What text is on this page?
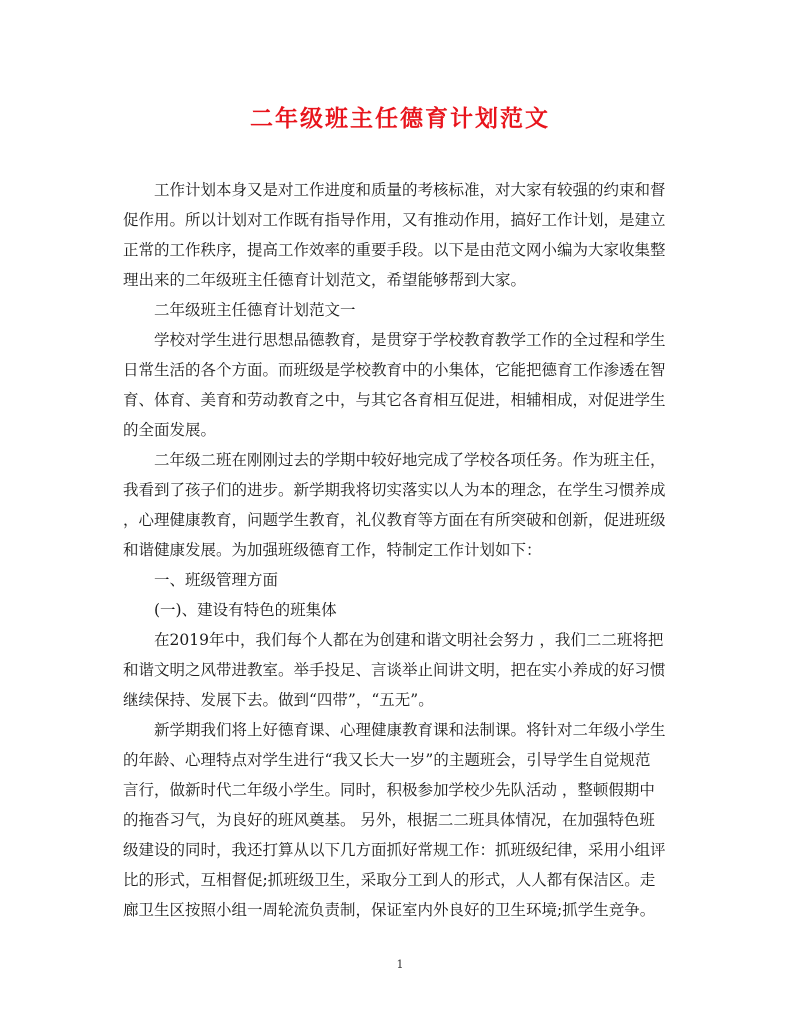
二年级班主任德育计划范文
工作计划本身又是对工作进度和质量的考核标准，对大家有较强的约束和督
促作用。所以计划对工作既有指导作用，又有推动作用，搞好工作计划，是建立
正常的工作秩序，提高工作效率的重要手段。以下是由范文网小编为大家收集整
理出来的二年级班主任德育计划范文，希望能够帮到大家。
二年级班主任德育计划范文一
学校对学生进行思想品德教育，是贯穿于学校教育教学工作的全过程和学生
日常生活的各个方面。而班级是学校教育中的小集体，它能把德育工作渗透在智
育、体育、美育和劳动教育之中，与其它各育相互促进，相辅相成，对促进学生
的全面发展。
二年级二班在刚刚过去的学期中较好地完成了学校各项任务。作为班主任，
我看到了孩子们的进步。新学期我将切实落实以人为本的理念，在学生习惯养成
，心理健康教育，问题学生教育，礼仪教育等方面在有所突破和创新，促进班级
和谐健康发展。为加强班级德育工作，特制定工作计划如下：
一、班级管理方面
(一)、建设有特色的班集体
在2019年中，我们每个人都在为创建和谐文明社会努力 ，我们二二班将把
和谐文明之风带进教室。举手投足、言谈举止间讲文明，把在实小养成的好习惯
继续保持、发展下去。做到“四带”，“五无”。
新学期我们将上好德育课、心理健康教育课和法制课。将针对二年级小学生
的年龄、心理特点对学生进行“我又长大一岁”的主题班会，引导学生自觉规范
言行，做新时代二年级小学生。同时，积极参加学校少先队活动 ，整顿假期中
的拖沓习气，为良好的班风奠基。 另外，根据二二班具体情况，在加强特色班
级建设的同时，我还打算从以下几方面抓好常规工作：抓班级纪律，采用小组评
比的形式，互相督促;抓班级卫生，采取分工到人的形式，人人都有保洁区。走
廊卫生区按照小组一周轮流负责制，保证室内外良好的卫生环境;抓学生竞争。
1
